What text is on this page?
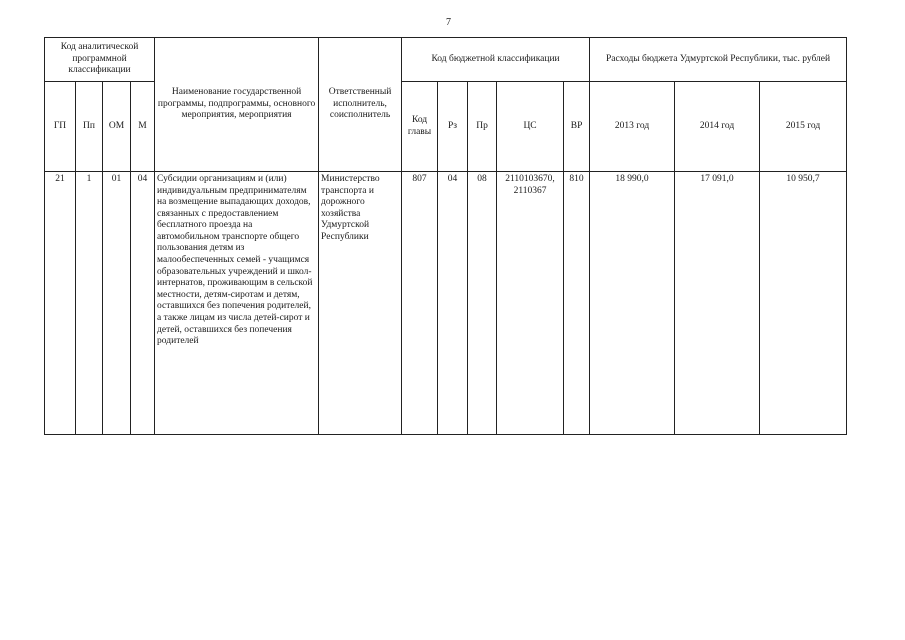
7
Код аналитической программной классификации				Наименование государственной программы, подпрограммы, основного мероприятия, мероприятия	Ответственный исполнитель, соисполнитель	Код бюджетной классификации					Расходы бюджета Удмуртской Республики, тыс. рублей		
ГП	Пп	ОМ	М			Код главы	Рз	Пр	ЦС	ВР	2013 год	2014 год	2015 год
21	1	01	04	Субсидии организациям и (или) индивидуальным предпринимателям на возмещение выпадающих доходов, связанных с предоставлением бесплатного проезда на автомобильном транспорте общего пользования детям из малообеспеченных семей - учащимся образовательных учреждений и школ-интернатов, проживающим в сельской местности, детям-сиротам и детям, оставшихся без попечения родителей, а также лицам из числа детей-сирот и детей, оставшихся без попечения родителей	Министерство транспорта и дорожного хозяйства Удмуртской Республики	807	04	08	2110103670, 2110367	810	18 990,0	17 091,0	10 950,7
